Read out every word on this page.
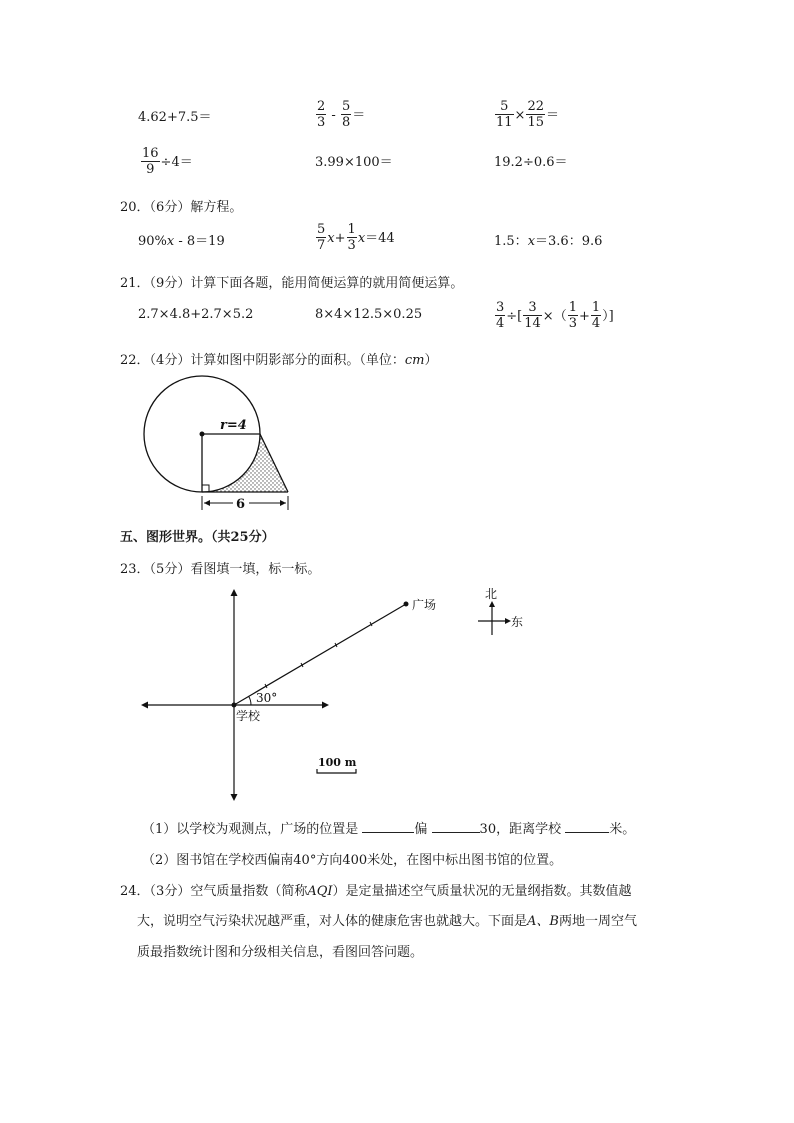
4.62+7.5＝	$\frac{2}{3} - \frac{5}{8}$ ＝	$\frac{5}{11} \times \frac{22}{15}$ ＝
$\frac{16}{9} \div 4=$	3.99×100＝	19.2÷0.6＝
20．（6分）解方程。
90%x - 8＝19	$\frac{5}{7} x+ \frac{1}{3} x=44$	1.5：x＝3.6：9.6
21．（9分）计算下面各题，能用简便运算的就用简便运算。
2.7×4.8+2.7×5.2	8×4×12.5×0.25	$\frac{3}{4}$ ÷[ $\frac{3}{14}$ ×（ $\frac{1}{3} + \frac{1}{4}$ ）]
22．（4分）计算如图中阴影部分的面积。（单位：cm）
r=4
6
五、图形世界。（共25分）
23．（5分）看图填一填，标一标。
30°
学校
广场
100 m
北
东
（1）以学校为观测点，广场的位置是	偏	30，距离学校	米。
（2）图书馆在学校西偏南40°方向400米处，在图中标出图书馆的位置。
24．（3分）空气质量指数（简称AQI）是定量描述空气质量状况的无量纲指数。其数值越
大，说明空气污染状况越严重，对人体的健康危害也就越大。下面是A、B两地一周空气
质最指数统计图和分级相关信息，看图回答问题。
